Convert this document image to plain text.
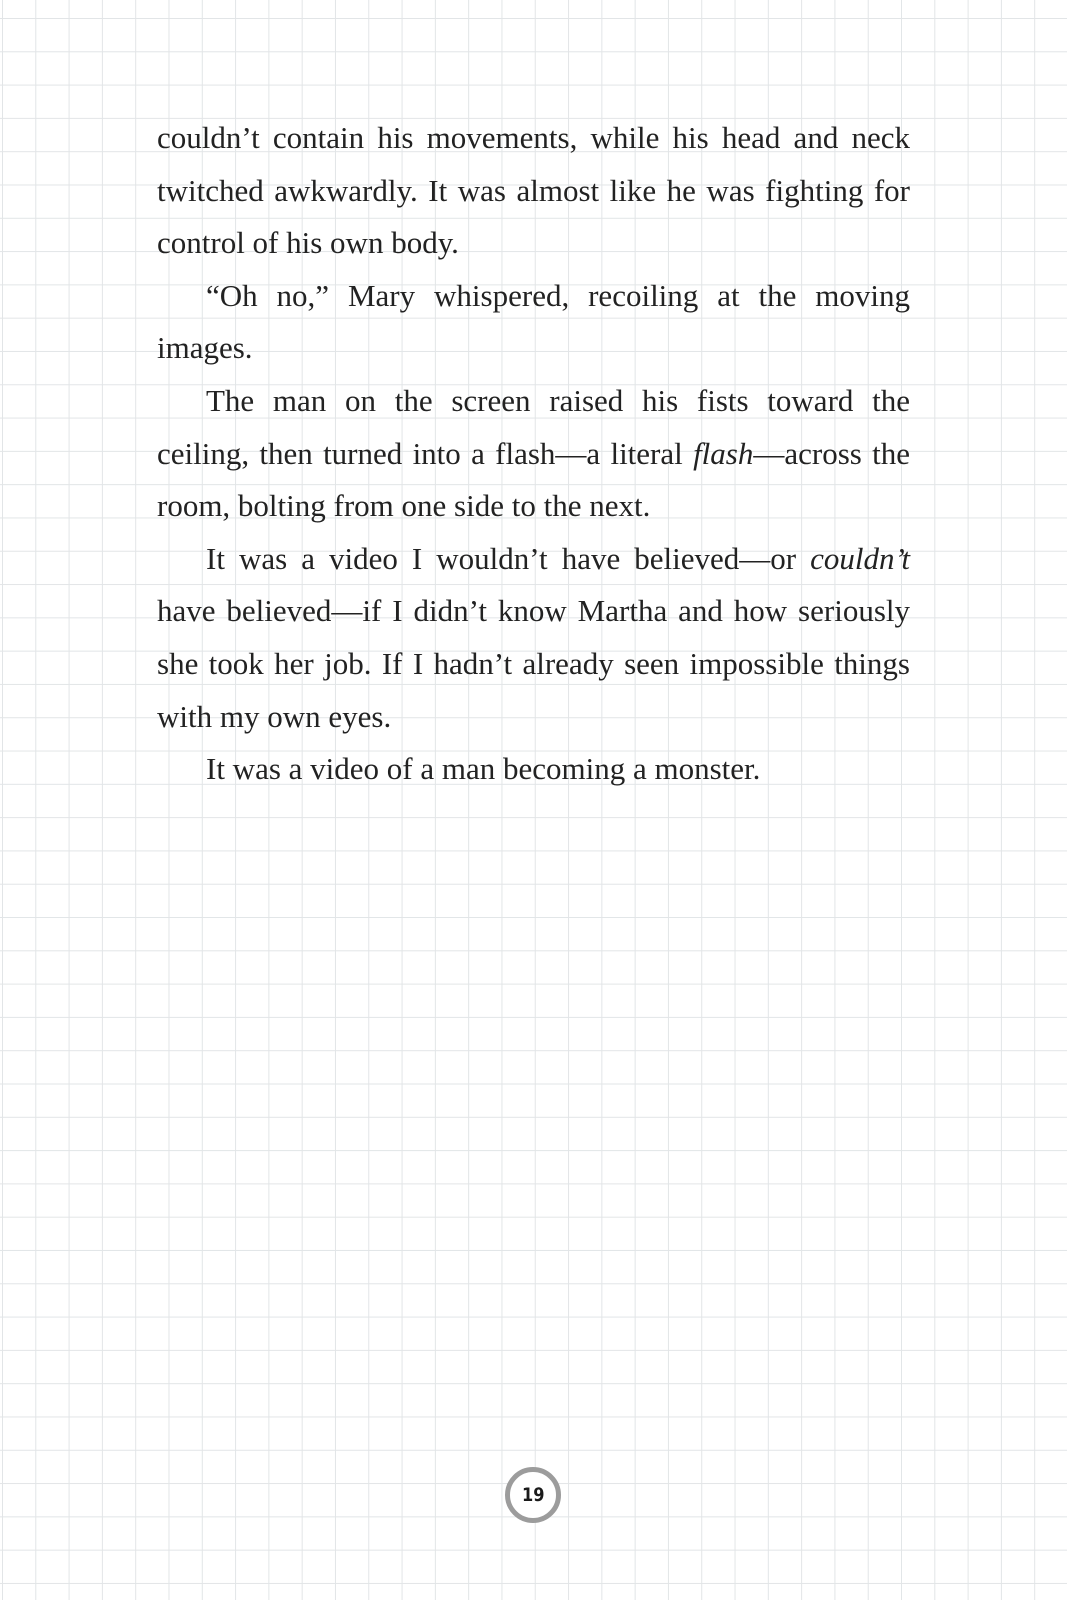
couldn’t contain his movements, while his head and neck twitched awkwardly. It was almost like he was fighting for control of his own body.

“Oh no,” Mary whispered, recoiling at the moving images.

The man on the screen raised his fists toward the ceiling, then turned into a flash—a literal flash—across the room, bolting from one side to the next.

It was a video I wouldn’t have believed—or couldn’t have believed—if I didn’t know Martha and how seriously she took her job. If I hadn’t already seen impossible things with my own eyes.

It was a video of a man becoming a monster.

19
